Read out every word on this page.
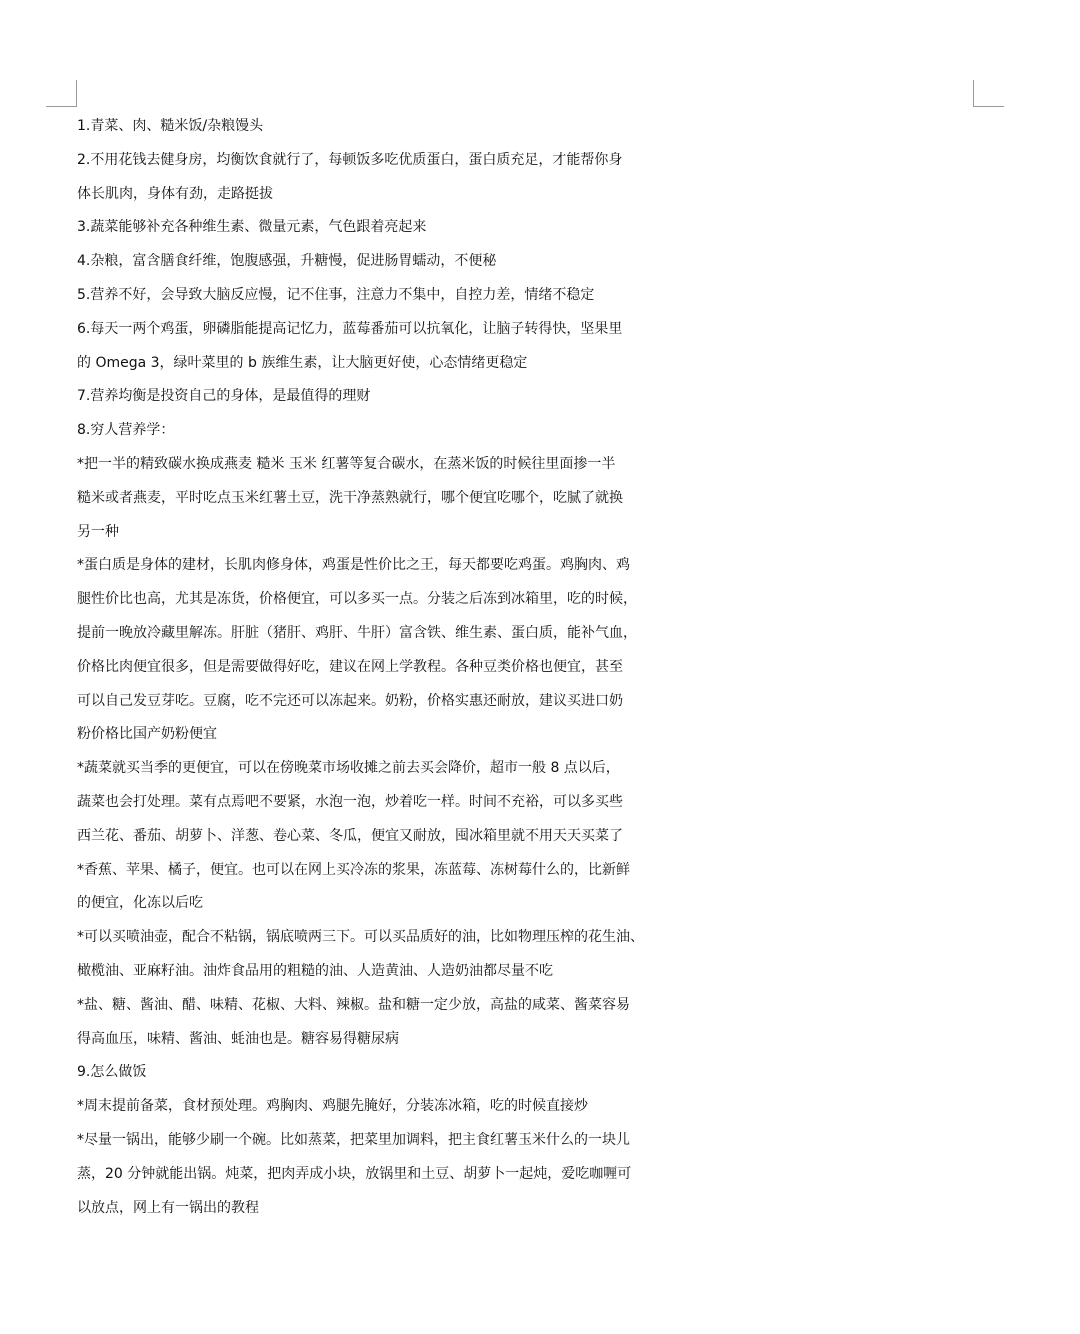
1.青菜、肉、糙米饭/杂粮馒头
2.不用花钱去健身房，均衡饮食就行了，每顿饭多吃优质蛋白，蛋白质充足，才能帮你身
体长肌肉，身体有劲，走路挺拔
3.蔬菜能够补充各种维生素、微量元素，气色跟着亮起来
4.杂粮，富含膳食纤维，饱腹感强，升糖慢，促进肠胃蠕动，不便秘
5.营养不好，会导致大脑反应慢，记不住事，注意力不集中，自控力差，情绪不稳定
6.每天一两个鸡蛋，卵磷脂能提高记忆力，蓝莓番茄可以抗氧化，让脑子转得快，坚果里
的 Omega 3，绿叶菜里的 b 族维生素，让大脑更好使，心态情绪更稳定
7.营养均衡是投资自己的身体，是最值得的理财
8.穷人营养学：
*把一半的精致碳水换成燕麦 糙米 玉米 红薯等复合碳水，在蒸米饭的时候往里面掺一半
糙米或者燕麦，平时吃点玉米红薯土豆，洗干净蒸熟就行，哪个便宜吃哪个，吃腻了就换
另一种
*蛋白质是身体的建材，长肌肉修身体，鸡蛋是性价比之王，每天都要吃鸡蛋。鸡胸肉、鸡
腿性价比也高，尤其是冻货，价格便宜，可以多买一点。分装之后冻到冰箱里，吃的时候，
提前一晚放冷藏里解冻。肝脏（猪肝、鸡肝、牛肝）富含铁、维生素、蛋白质，能补气血，
价格比肉便宜很多，但是需要做得好吃，建议在网上学教程。各种豆类价格也便宜，甚至
可以自己发豆芽吃。豆腐，吃不完还可以冻起来。奶粉，价格实惠还耐放，建议买进口奶
粉价格比国产奶粉便宜
*蔬菜就买当季的更便宜，可以在傍晚菜市场收摊之前去买会降价，超市一般 8 点以后，
蔬菜也会打处理。菜有点焉吧不要紧，水泡一泡，炒着吃一样。时间不充裕，可以多买些
西兰花、番茄、胡萝卜、洋葱、卷心菜、冬瓜，便宜又耐放，囤冰箱里就不用天天买菜了
*香蕉、苹果、橘子，便宜。也可以在网上买冷冻的浆果，冻蓝莓、冻树莓什么的，比新鲜
的便宜，化冻以后吃
*可以买喷油壶，配合不粘锅，锅底喷两三下。可以买品质好的油，比如物理压榨的花生油、
橄榄油、亚麻籽油。油炸食品用的粗糙的油、人造黄油、人造奶油都尽量不吃
*盐、糖、酱油、醋、味精、花椒、大料、辣椒。盐和糖一定少放，高盐的咸菜、酱菜容易
得高血压，味精、酱油、蚝油也是。糖容易得糖尿病
9.怎么做饭
*周末提前备菜，食材预处理。鸡胸肉、鸡腿先腌好，分装冻冰箱，吃的时候直接炒
*尽量一锅出，能够少刷一个碗。比如蒸菜，把菜里加调料，把主食红薯玉米什么的一块儿
蒸，20 分钟就能出锅。炖菜，把肉弄成小块，放锅里和土豆、胡萝卜一起炖，爱吃咖喱可
以放点，网上有一锅出的教程
